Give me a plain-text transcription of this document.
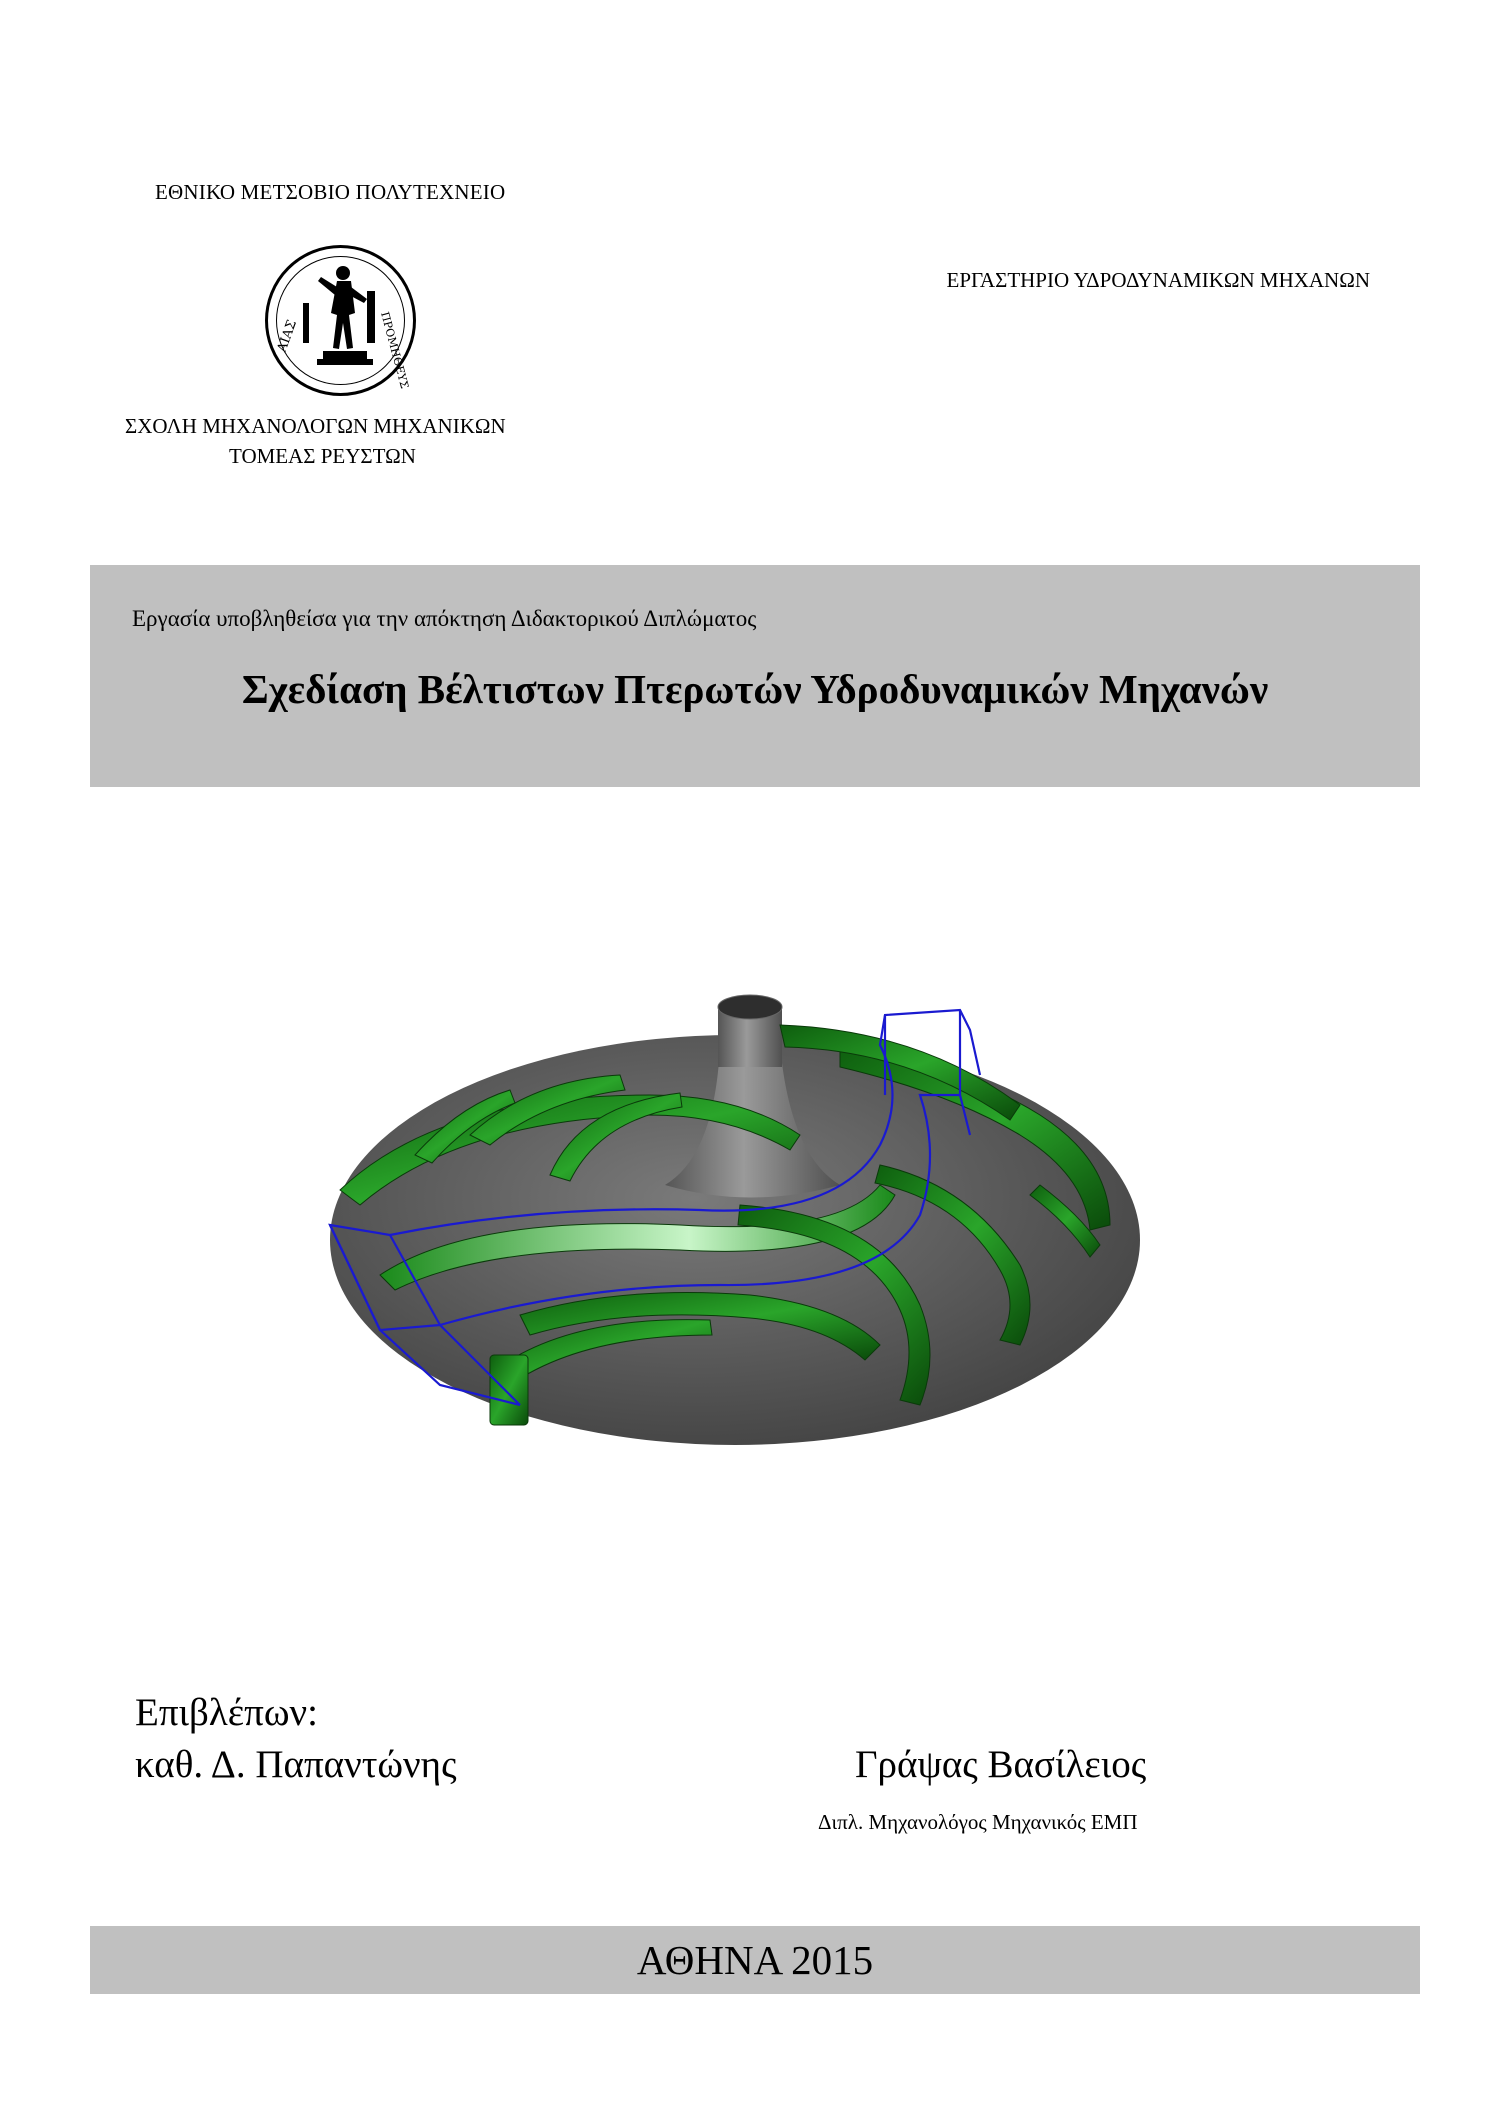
ΕΘΝΙΚΟ ΜΕΤΣΟΒΙΟ ΠΟΛΥΤΕΧΝΕΙΟ
ΕΡΓΑΣΤΗΡΙΟ ΥΔΡΟΔΥΝΑΜΙΚΩΝ ΜΗΧΑΝΩΝ
ΑΙΑΣ	ΠΡΟΜΗΘΕΥΣ
ΣΧΟΛΗ ΜΗΧΑΝΟΛΟΓΩΝ ΜΗΧΑΝΙΚΩΝ
ΤΟΜΕΑΣ ΡΕΥΣΤΩΝ
Εργασία υποβληθείσα για την απόκτηση Διδακτορικού Διπλώματος
Σχεδίαση Βέλτιστων Πτερωτών Υδροδυναμικών Μηχανών
Επιβλέπων:
καθ. Δ. Παπαντώνης	Γράψας Βασίλειος
Διπλ. Μηχανολόγος Μηχανικός ΕΜΠ
ΑΘΗΝΑ 2015
